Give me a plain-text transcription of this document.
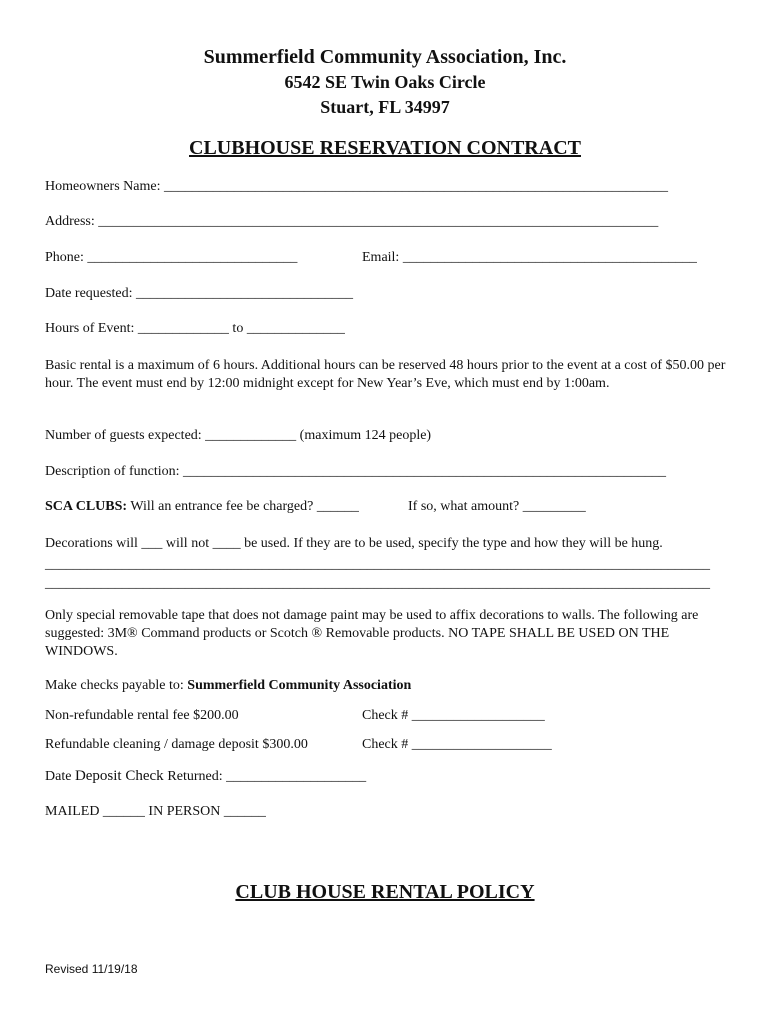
Summerfield Community Association, Inc.
6542 SE Twin Oaks Circle
Stuart, FL 34997
CLUBHOUSE RESERVATION CONTRACT
Homeowners Name: ________________________________________________________________________
Address: ________________________________________________________________________________
Phone: ______________________________	Email: __________________________________________
Date requested: _______________________________
Hours of Event: _____________ to ______________
Basic rental is a maximum of 6 hours. Additional hours can be reserved 48 hours prior to the event at a cost of $50.00 per hour. The event must end by 12:00 midnight except for New Year’s Eve, which must end by 1:00am.
Number of guests expected: _____________ (maximum 124 people)
Description of function: _____________________________________________________________________
SCA CLUBS: Will an entrance fee be charged? ______	If so, what amount? _________
Decorations will ___ will not ____ be used. If they are to be used, specify the type and how they will be hung.
_______________________________________________________________________________________________
_______________________________________________________________________________________________
Only special removable tape that does not damage paint may be used to affix decorations to walls. The following are suggested: 3M® Command products or Scotch ® Removable products. NO TAPE SHALL BE USED ON THE WINDOWS.
Make checks payable to: Summerfield Community Association
Non-refundable rental fee $200.00	Check # ___________________
Refundable cleaning / damage deposit $300.00	Check # ____________________
Date Deposit Check Returned: ____________________
MAILED ______ IN PERSON ______
CLUB HOUSE RENTAL POLICY
Revised 11/19/18
